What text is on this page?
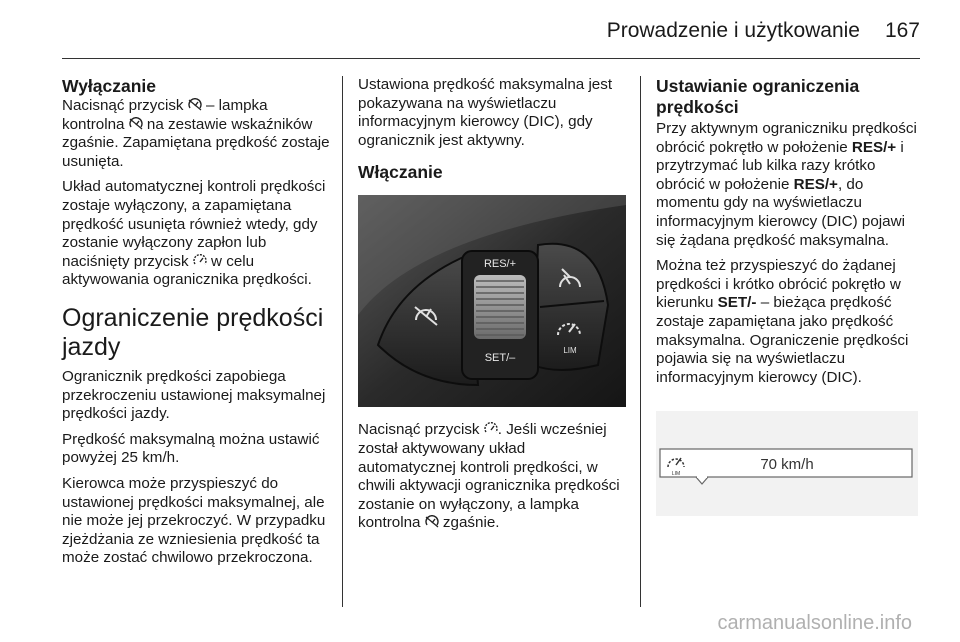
Prowadzenie i użytkowanie	167
Wyłączanie

Nacisnąć przycisk  – lampka kontrolna  na zestawie wskaźników zgaśnie. Zapamiętana prędkość zostaje usunięta.

Układ automatycznej kontroli prędkości zostaje wyłączony, a zapamiętana prędkość usunięta również wtedy, gdy zostanie wyłączony zapłon lub naciśnięty przycisk  w celu aktywowania ogranicznika prędkości.

Ograniczenie prędkości jazdy

Ogranicznik prędkości zapobiega przekroczeniu ustawionej maksymalnej prędkości jazdy.

Prędkość maksymalną można ustawić powyżej 25 km/h.

Kierowca może przyspieszyć do ustawionej prędkości maksymalnej, ale nie może jej przekroczyć. W przypadku zjeżdżania ze wzniesienia prędkość ta może zostać chwilowo przekroczona.

Ustawiona prędkość maksymalna jest pokazywana na wyświetlaczu informacyjnym kierowcy (DIC), gdy ogranicznik jest aktywny.

Włączanie
RES/+
SET/–
LIM

Nacisnąć przycisk . Jeśli wcześniej został aktywowany układ automatycznej kontroli prędkości, w chwili aktywacji ogranicznika prędkości zostanie on wyłączony, a lampka kontrolna  zgaśnie.

Ustawianie ograniczenia prędkości

Przy aktywnym ograniczniku prędkości obrócić pokrętło w położenie RES/+ i przytrzymać lub kilka razy krótko obrócić w położenie RES/+, do momentu gdy na wyświetlaczu informacyjnym kierowcy (DIC) pojawi się żądana prędkość maksymalna.

Można też przyspieszyć do żądanej prędkości i krótko obrócić pokrętło w kierunku SET/- – bieżąca prędkość zostaje zapamiętana jako prędkość maksymalna. Ograniczenie prędkości pojawia się na wyświetlaczu informacyjnym kierowcy (DIC).

LIM
70 km/h
carmanualsonline.info
